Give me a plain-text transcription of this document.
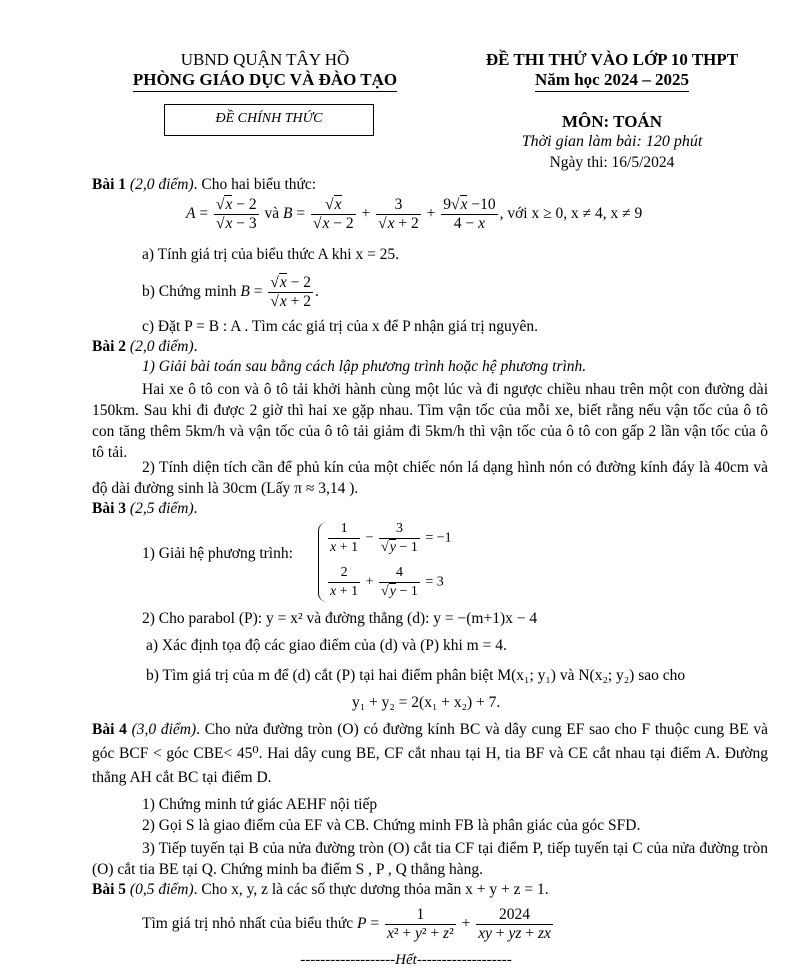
UBND QUẬN TÂY HỒ
PHÒNG GIÁO DỤC VÀ ĐÀO TẠO
ĐỀ CHÍNH THỨC
ĐỀ THI THỬ VÀO LỚP 10 THPT
Năm học 2024 – 2025
MÔN: TOÁN
Thời gian làm bài: 120 phút
Ngày thi: 16/5/2024
Bài 1 (2,0 điểm). Cho hai biểu thức:
$A = \frac{√x - 2}{√x - 3}$ và $B = \frac{√x}{√x - 2} + \frac{3}{√x + 2} + \frac{9√x -10}{4 - x}$ , với x ≥ 0, x ≠ 4, x ≠ 9
a) Tính giá trị của biểu thức A khi x = 25.
b) Chứng minh $B = \frac{√x - 2}{√x + 2}$ .
c) Đặt P = B : A . Tìm các giá trị của x để P nhận giá trị nguyên.
Bài 2 (2,0 điểm).
1) Giải bài toán sau bằng cách lập phương trình hoặc hệ phương trình.
Hai xe ô tô con và ô tô tải khởi hành cùng một lúc và đi ngược chiều nhau trên một con đường dài 150km. Sau khi đi được 2 giờ thì hai xe gặp nhau. Tìm vận tốc của mỗi xe, biết rằng nếu vận tốc của ô tô con tăng thêm 5km/h và vận tốc của ô tô tải giảm đi 5km/h thì vận tốc của ô tô con gấp 2 lần vận tốc của ô tô tải.
2) Tính diện tích cần để phủ kín của một chiếc nón lá dạng hình nón có đường kính đáy là 40cm và độ dài đường sinh là 30cm (Lấy π ≈ 3,14 ).
Bài 3 (2,5 điểm).
1) Giải hệ phương trình:	$\frac{1}{x + 1} - \frac{3}{√y - 1} = -1$
$\frac{2}{x + 1} + \frac{4}{√y - 1} = 3$
2) Cho parabol (P): y = x² và đường thẳng (d): y = −(m+1)x − 4
a) Xác định tọa độ các giao điểm của (d) và (P) khi m = 4.
b) Tìm giá trị của m để (d) cắt (P) tại hai điểm phân biệt M(x₁; y₁) và N(x₂; y₂) sao cho
y₁ + y₂ = 2(x₁ + x₂) + 7.
Bài 4 (3,0 điểm). Cho nửa đường tròn (O) có đường kính BC và dây cung EF sao cho F thuộc cung BE và góc BCF < góc CBE< 45⁰. Hai dây cung BE, CF cắt nhau tại H, tia BF và CE cắt nhau tại điểm A. Đường thẳng AH cắt BC tại điểm D.
1) Chứng minh tứ giác AEHF nội tiếp
2) Gọi S là giao điểm của EF và CB. Chứng minh FB là phân giác của góc SFD.
3) Tiếp tuyến tại B của nửa đường tròn (O) cắt tia CF tại điểm P, tiếp tuyến tại C của nửa đường tròn (O) cắt tia BE tại Q. Chứng minh ba điểm S , P , Q thẳng hàng.
Bài 5 (0,5 điểm). Cho x, y, z là các số thực dương thỏa mãn x + y + z = 1.
Tìm giá trị nhỏ nhất của biểu thức $P = \frac{1}{\text{x² + y² + z²}} + \frac{2024}{xy + yz + zx}$
-------------------Hết-------------------
